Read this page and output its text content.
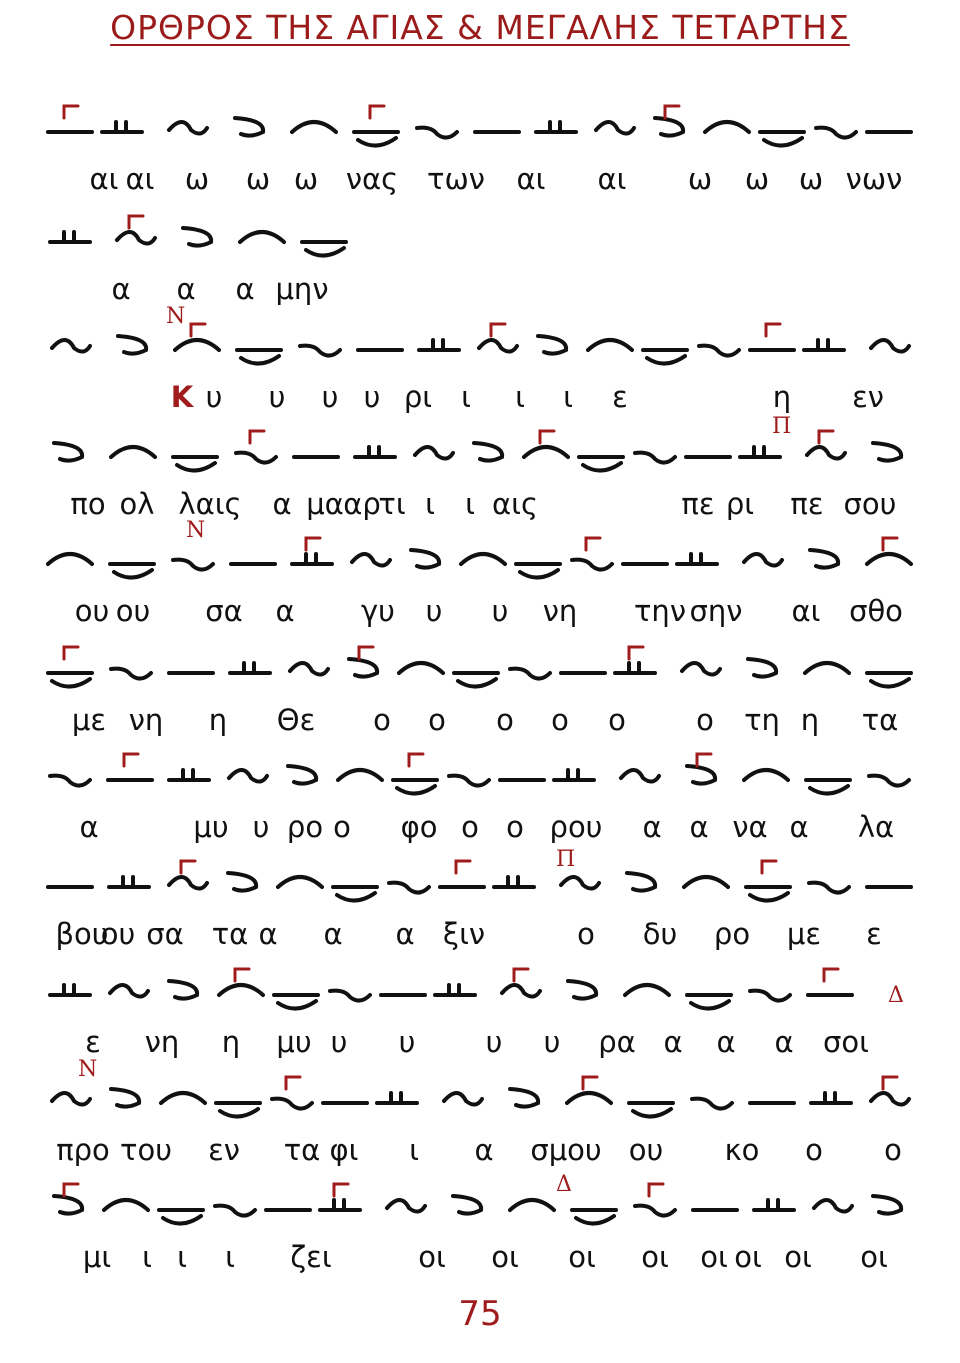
ΟΡΘΡΟΣ ΤΗΣ ΑΓΙΑΣ & ΜΕΓΑΛΗΣ ΤΕΤΑΡΤΗΣ
αι αι ω ω ω νας των αι αι ω ω ω νων
α α α μην
Κ υ υ υ υ ρι ι ι ι ε	η εν
πο ολ λαις α μα αρ
τι ι ι αις	πε ρι πε σου
ου ου σα α γυ υ υ νη την σην αι σθο
με νη η Θε ο ο ο ο ο ο τη η τα
α	μυ υ ρο ο φο ο ο ρου α α να α λα
βου
ου σα τα α α α ξιν	ο δυ ρο με ε
ε νη η μυ υ υ υ υ ρα α α α σοι
προ του εν τα φι ι α σμου ου κο ο ο
μι ι ι ι ζει	οι οι οι οι οι οι οι οι
Ν
Ν
Π
Π
Ν
Δ
Δ
75
